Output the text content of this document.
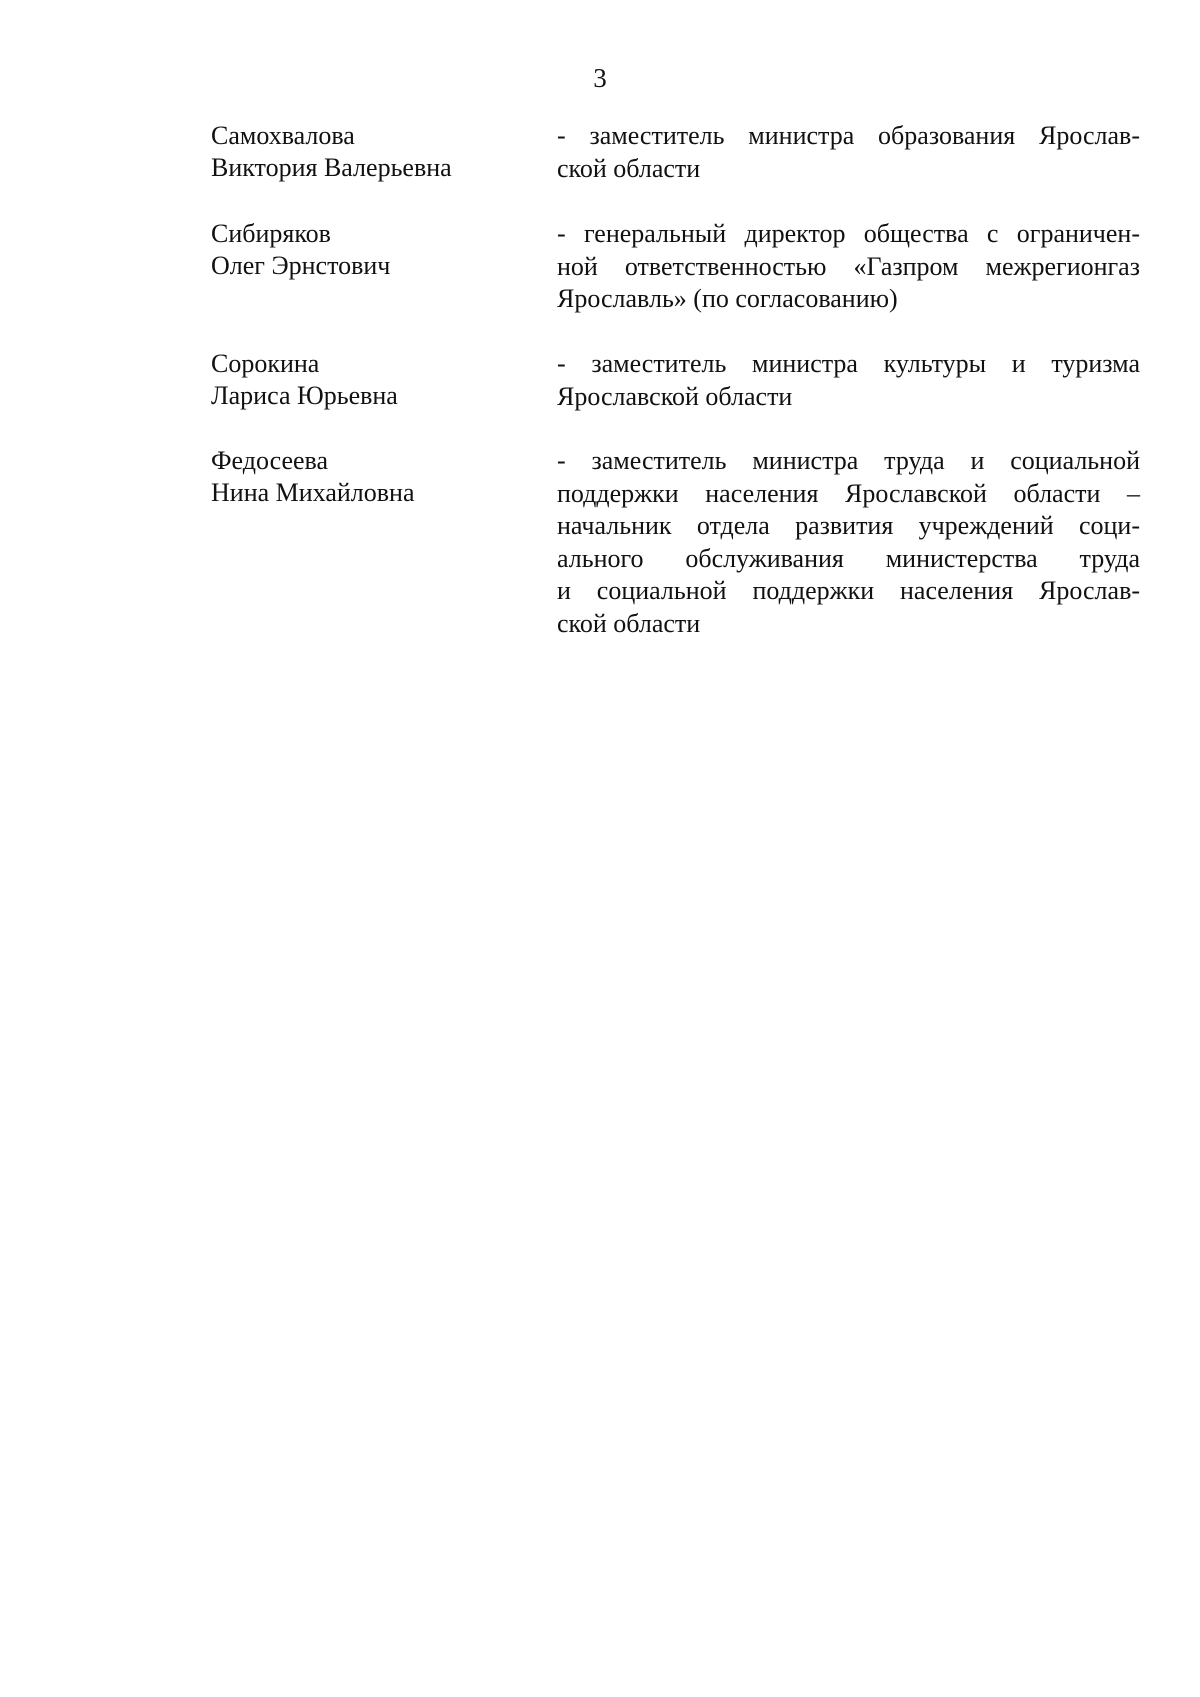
3
Самохвалова
Виктория Валерьевна
- заместитель министра образования Ярослав-
ской области
Сибиряков
Олег Эрнстович
- генеральный директор общества с ограничен-
ной ответственностью «Газпром межрегионгаз
Ярославль» (по согласованию)
Сорокина
Лариса Юрьевна
- заместитель министра культуры и туризма
Ярославской области
Федосеева
Нина Михайловна
- заместитель министра труда и социальной
поддержки населения Ярославской области –
начальник отдела развития учреждений соци-
ального обслуживания министерства труда
и социальной поддержки населения Ярослав-
ской области
